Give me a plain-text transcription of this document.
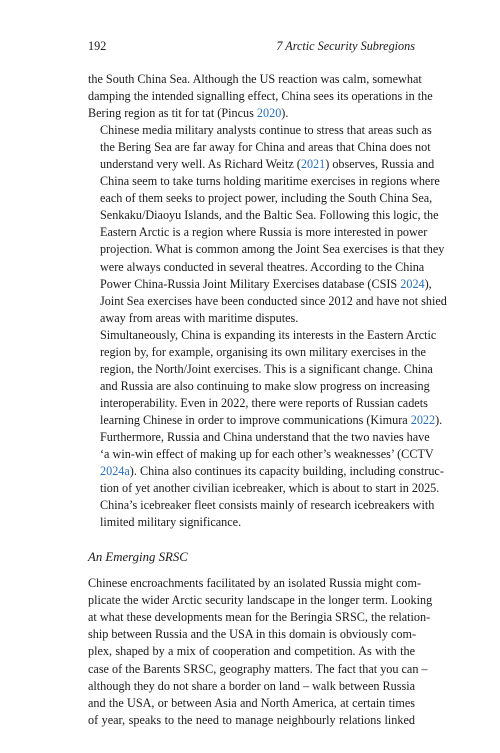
192	7 Arctic Security Subregions

the South China Sea. Although the US reaction was calm, somewhat
damping the intended signalling effect, China sees its operations in the
Bering region as tit for tat (Pincus 2020).

Chinese media military analysts continue to stress that areas such as
the Bering Sea are far away for China and areas that China does not
understand very well. As Richard Weitz (2021) observes, Russia and
China seem to take turns holding maritime exercises in regions where
each of them seeks to project power, including the South China Sea,
Senkaku/Diaoyu Islands, and the Baltic Sea. Following this logic, the
Eastern Arctic is a region where Russia is more interested in power
projection. What is common among the Joint Sea exercises is that they
were always conducted in several theatres. According to the China
Power China-Russia Joint Military Exercises database (CSIS 2024),
Joint Sea exercises have been conducted since 2012 and have not shied
away from areas with maritime disputes.

Simultaneously, China is expanding its interests in the Eastern Arctic
region by, for example, organising its own military exercises in the
region, the North/Joint exercises. This is a significant change. China
and Russia are also continuing to make slow progress on increasing
interoperability. Even in 2022, there were reports of Russian cadets
learning Chinese in order to improve communications (Kimura 2022).
Furthermore, Russia and China understand that the two navies have
‘a win-win effect of making up for each other’s weaknesses’ (CCTV
2024a). China also continues its capacity building, including construc-
tion of yet another civilian icebreaker, which is about to start in 2025.
China’s icebreaker fleet consists mainly of research icebreakers with
limited military significance.

An Emerging SRSC

Chinese encroachments facilitated by an isolated Russia might com-
plicate the wider Arctic security landscape in the longer term. Looking
at what these developments mean for the Beringia SRSC, the relation-
ship between Russia and the USA in this domain is obviously com-
plex, shaped by a mix of cooperation and competition. As with the
case of the Barents SRSC, geography matters. The fact that you can –
although they do not share a border on land – walk between Russia
and the USA, or between Asia and North America, at certain times
of year, speaks to the need to manage neighbourly relations linked
